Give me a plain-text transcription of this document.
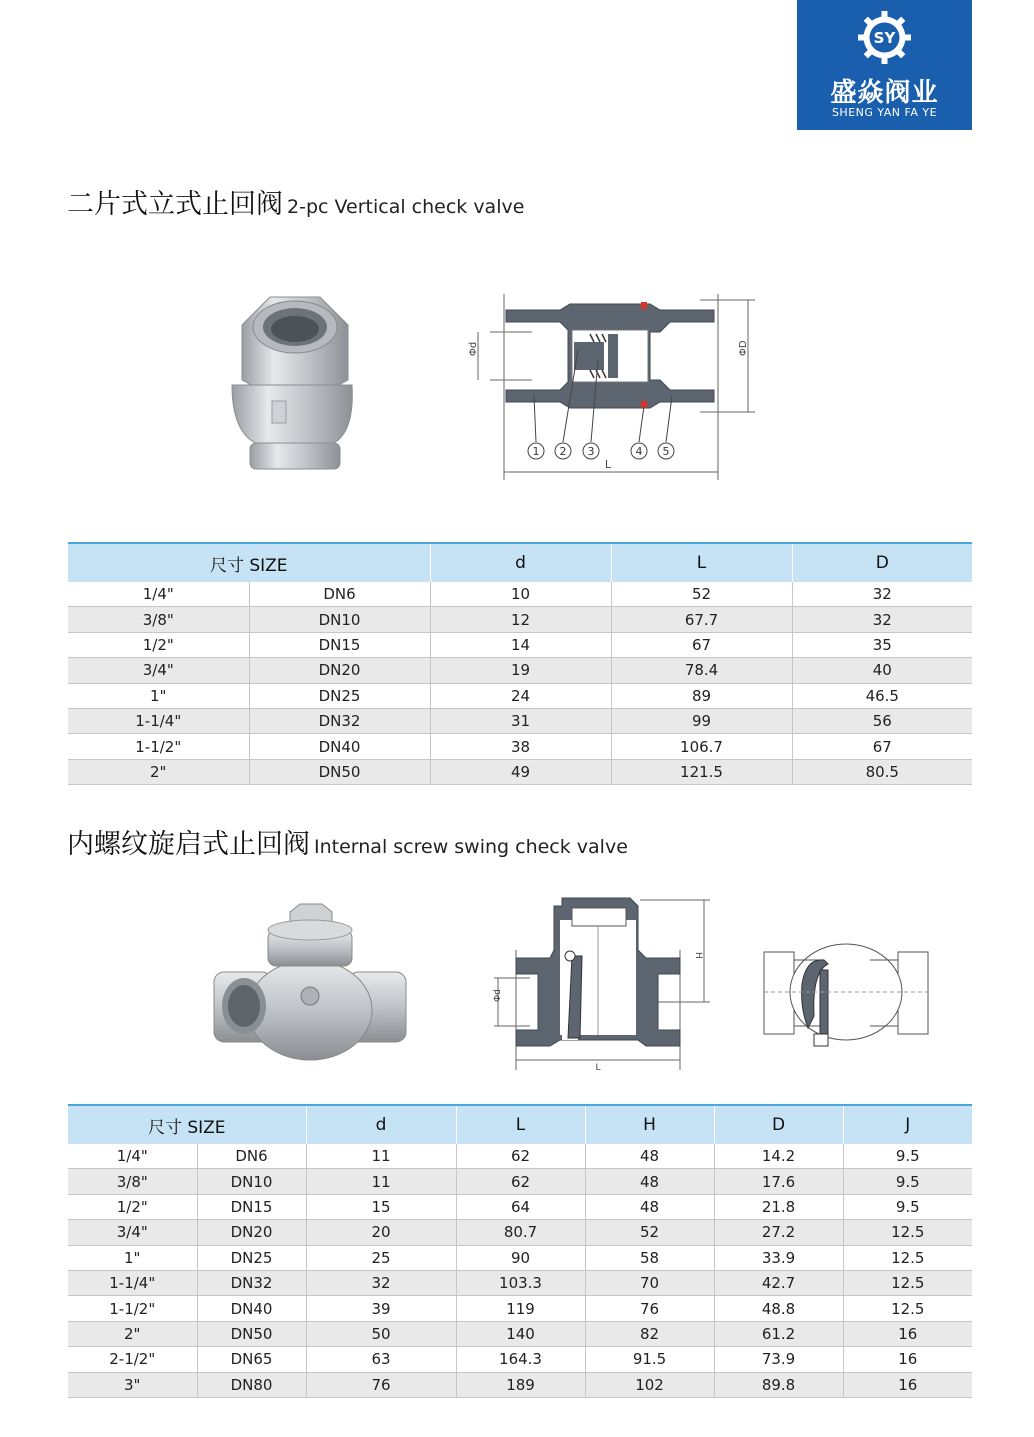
SY
盛焱阀业
SHENG YAN FA YE
二片式立式止回阀 2-pc Vertical check valve
Φd	ΦD
L
1 2 3	4 5
尺寸 SIZE		d	L	D
1/4"	DN6	10	52	32
3/8"	DN10	12	67.7	32
1/2"	DN15	14	67	35
3/4"	DN20	19	78.4	40
1"	DN25	24	89	46.5
1-1/4"	DN32	31	99	56
1-1/2"	DN40	38	106.7	67
2"	DN50	49	121.5	80.5
内螺纹旋启式止回阀 Internal screw swing check valve
H
Φd
L
尺寸 SIZE		d	L	H	D	J
1/4"	DN6	11	62	48	14.2	9.5
3/8"	DN10	11	62	48	17.6	9.5
1/2"	DN15	15	64	48	21.8	9.5
3/4"	DN20	20	80.7	52	27.2	12.5
1"	DN25	25	90	58	33.9	12.5
1-1/4"	DN32	32	103.3	70	42.7	12.5
1-1/2"	DN40	39	119	76	48.8	12.5
2"	DN50	50	140	82	61.2	16
2-1/2"	DN65	63	164.3	91.5	73.9	16
3"	DN80	76	189	102	89.8	16
